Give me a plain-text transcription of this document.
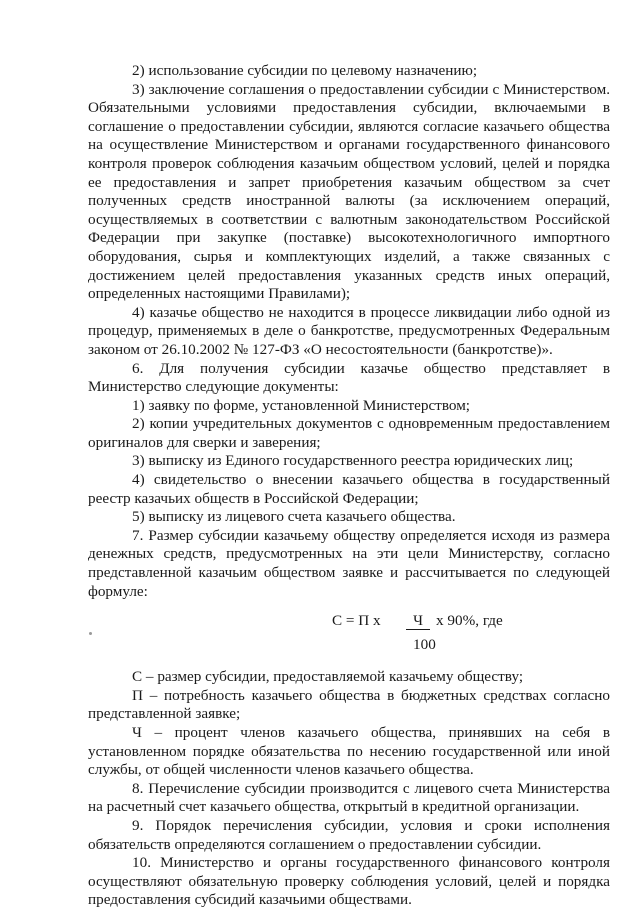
2) использование субсидии по целевому назначению;

3) заключение соглашения о предоставлении субсидии с Министерством. Обязательными условиями предоставления субсидии, включаемыми в соглашение о предоставлении субсидии, являются согласие казачьего общества на осуществление Министерством и органами государственного финансового контроля проверок соблюдения казачьим обществом условий, целей и порядка ее предоставления и запрет приобретения казачьим обществом за счет полученных средств иностранной валюты (за исключением операций, осуществляемых в соответствии с валютным законодательством Российской Федерации при закупке (поставке) высокотехнологичного импортного оборудования, сырья и комплектующих изделий, а также связанных с достижением целей предоставления указанных средств иных операций, определенных настоящими Правилами);

4) казачье общество не находится в процессе ликвидации либо одной из процедур, применяемых в деле о банкротстве, предусмотренных Федеральным законом от 26.10.2002 № 127-ФЗ «О несостоятельности (банкротстве)».

6. Для получения субсидии казачье общество представляет в Министерство следующие документы:

1) заявку по форме, установленной Министерством;

2) копии учредительных документов с одновременным предоставлением оригиналов для сверки и заверения;

3) выписку из Единого государственного реестра юридических лиц;

4) свидетельство о внесении казачьего общества в государственный реестр казачьих обществ в Российской Федерации;

5) выписку из лицевого счета казачьего общества.

7. Размер субсидии казачьему обществу определяется исходя из размера денежных средств, предусмотренных на эти цели Министерству, согласно представленной казачьим обществом заявке и рассчитывается по следующей формуле:

С = П х	Ч х 90%, где
100

С – размер субсидии, предоставляемой казачьему обществу;

П – потребность казачьего общества в бюджетных средствах согласно представленной заявке;

Ч – процент членов казачьего общества, принявших на себя в установленном порядке обязательства по несению государственной или иной службы, от общей численности членов казачьего общества.

8. Перечисление субсидии производится с лицевого счета Министерства на расчетный счет казачьего общества, открытый в кредитной организации.

9. Порядок перечисления субсидии, условия и сроки исполнения обязательств определяются соглашением о предоставлении субсидии.

10. Министерство и органы государственного финансового контроля осуществляют обязательную проверку соблюдения условий, целей и порядка предоставления субсидий казачьими обществами.
